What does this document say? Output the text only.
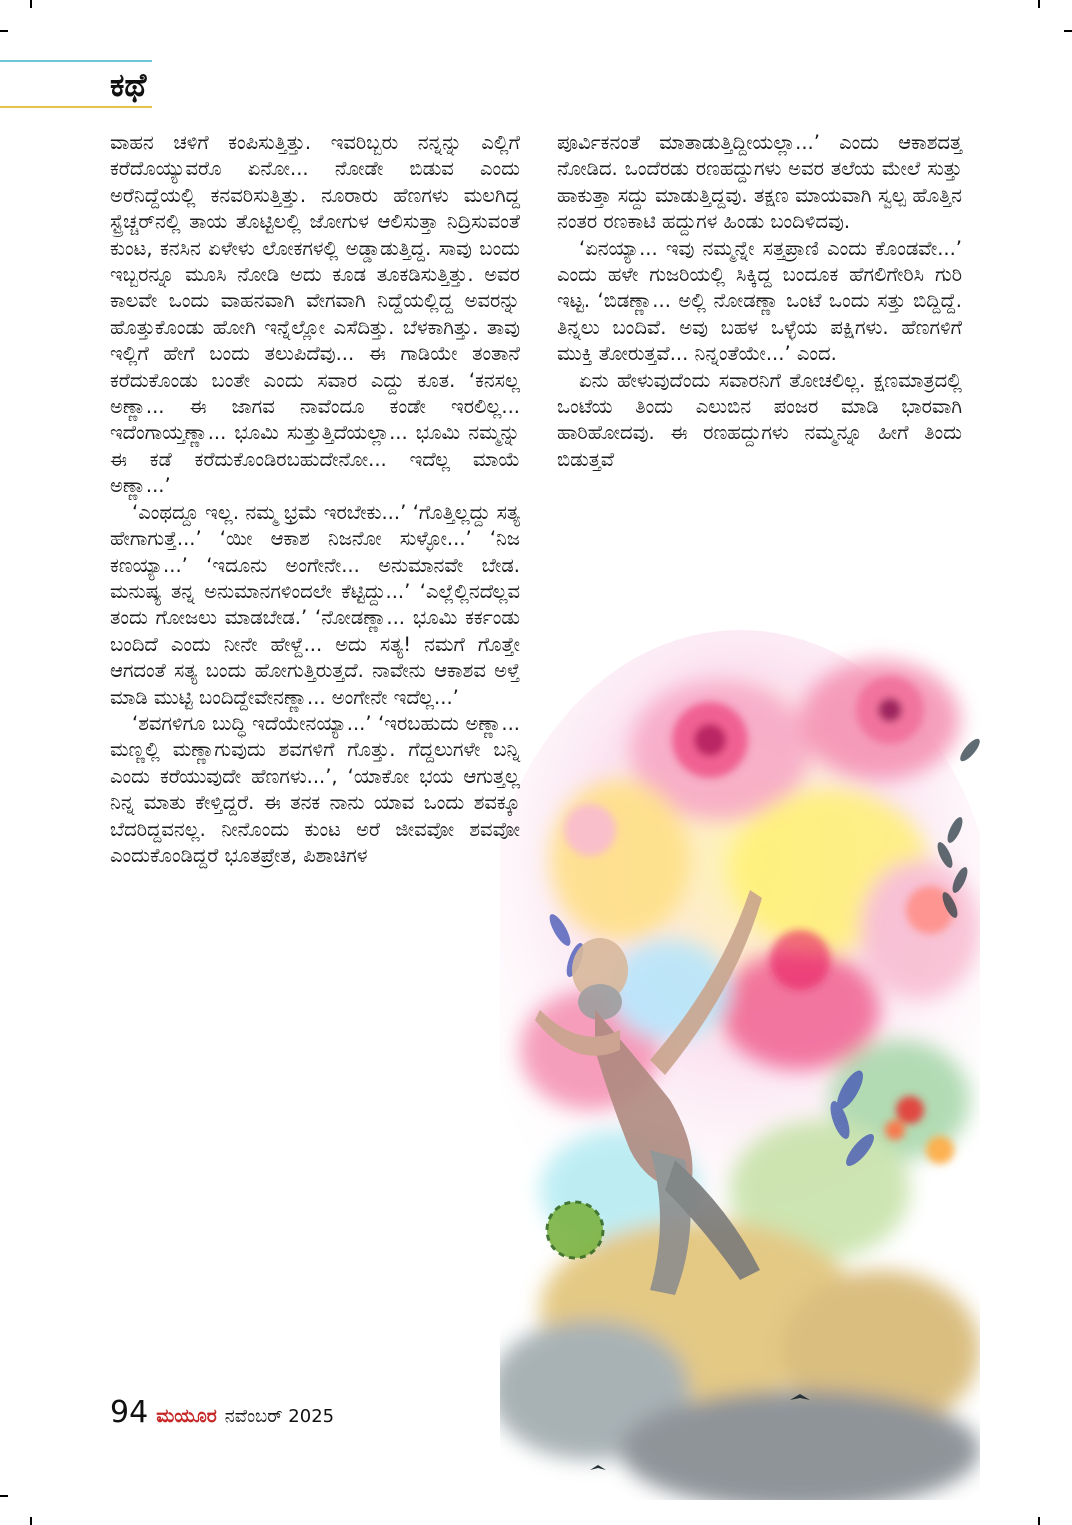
ಕಥೆ

ವಾಹನ ಚಳಿಗೆ ಕಂಪಿಸುತ್ತಿತ್ತು. ಇವರಿಬ್ಬರು ನನ್ನನ್ನು ಎಲ್ಲಿಗೆ ಕರೆದೊಯ್ಯುವರೊ ಏನೋ... ನೋಡೇ ಬಿಡುವ ಎಂದು ಅರೆನಿದ್ದೆಯಲ್ಲಿ ಕನವರಿಸುತ್ತಿತ್ತು. ನೂರಾರು ಹೆಣಗಳು ಮಲಗಿದ್ದ ಸ್ಟ್ರೆಚ್ಚರ್‌ನಲ್ಲಿ ತಾಯ ತೊಟ್ಟಿಲಲ್ಲಿ ಜೋಗುಳ ಆಲಿಸುತ್ತಾ ನಿದ್ರಿಸುವಂತೆ ಕುಂಟ, ಕನಸಿನ ಏಳೇಳು ಲೋಕಗಳಲ್ಲಿ ಅಡ್ಡಾಡುತ್ತಿದ್ದ. ಸಾವು ಬಂದು ಇಬ್ಬರನ್ನೂ ಮೂಸಿ ನೋಡಿ ಅದು ಕೂಡ ತೂಕಡಿಸುತ್ತಿತ್ತು. ಅವರ ಕಾಲವೇ ಒಂದು ವಾಹನವಾಗಿ ವೇಗವಾಗಿ ನಿದ್ದೆಯಲ್ಲಿದ್ದ ಅವರನ್ನು ಹೊತ್ತುಕೊಂಡು ಹೋಗಿ ಇನ್ನೆಲ್ಲೋ ಎಸೆದಿತ್ತು. ಬೆಳಕಾಗಿತ್ತು. ತಾವು ಇಲ್ಲಿಗೆ ಹೇಗೆ ಬಂದು ತಲುಪಿದೆವು... ಈ ಗಾಡಿಯೇ ತಂತಾನೆ ಕರೆದುಕೊಂಡು ಬಂತೇ ಎಂದು ಸವಾರ ಎದ್ದು ಕೂತ. ‘ಕನಸಲ್ಲ ಅಣ್ಣಾ... ಈ ಜಾಗವ ನಾವೆಂದೂ ಕಂಡೇ ಇರಲಿಲ್ಲ... ಇದೆಂಗಾಯ್ತಣ್ಣಾ... ಭೂಮಿ ಸುತ್ತುತ್ತಿದೆಯಲ್ಲಾ... ಭೂಮಿ ನಮ್ಮನ್ನು ಈ ಕಡೆ ಕರೆದುಕೊಂಡಿರಬಹುದೇನೋ... ಇದೆಲ್ಲ ಮಾಯೆ ಅಣ್ಣಾ...’

‘ಎಂಥದ್ದೂ ಇಲ್ಲ. ನಮ್ಮ ಭ್ರಮೆ ಇರಬೇಕು...’ ‘ಗೊತ್ತಿಲ್ಲದ್ದು ಸತ್ಯ ಹೇಗಾಗುತ್ತೆ...’ ‘ಯೀ ಆಕಾಶ ನಿಜನೋ ಸುಳ್ಳೋ...’ ‘ನಿಜ ಕಣಯ್ಯಾ...’ ‘ಇದೂನು ಅಂಗೇನೇ... ಅನುಮಾನವೇ ಬೇಡ. ಮನುಷ್ಯ ತನ್ನ ಅನುಮಾನಗಳಿಂದಲೇ ಕೆಟ್ಟಿದ್ದು...’ ‘ಎಲ್ಲೆಲ್ಲಿನದೆಲ್ಲವ ತಂದು ಗೋಜಲು ಮಾಡಬೇಡ.’ ‘ನೋಡಣ್ಣಾ... ಭೂಮಿ ಕರ್ಕಂಡು ಬಂದಿದೆ ಎಂದು ನೀನೇ ಹೇಳ್ದೆ... ಅದು ಸತ್ಯ! ನಮಗೆ ಗೊತ್ತೇ ಆಗದಂತೆ ಸತ್ಯ ಬಂದು ಹೋಗುತ್ತಿರುತ್ತದೆ. ನಾವೇನು ಆಕಾಶವ ಅಳ್ತೆ ಮಾಡಿ ಮುಟ್ಟಿ ಬಂದಿದ್ದೇವೇನಣ್ಣಾ... ಅಂಗೇನೇ ಇದೆಲ್ಲ...’

‘ಶವಗಳಿಗೂ ಬುದ್ಧಿ ಇದೆಯೇನಯ್ಯಾ...’ ‘ಇರಬಹುದು ಅಣ್ಣಾ... ಮಣ್ಣಲ್ಲಿ ಮಣ್ಣಾಗುವುದು ಶವಗಳಿಗೆ ಗೊತ್ತು. ಗೆದ್ದಲುಗಳೇ ಬನ್ನಿ ಎಂದು ಕರೆಯುವುದೇ ಹೆಣಗಳು...’, ‘ಯಾಕೋ ಭಯ ಆಗುತ್ತಲ್ಲ ನಿನ್ನ ಮಾತು ಕೇಳ್ತಿದ್ದರೆ. ಈ ತನಕ ನಾನು ಯಾವ ಒಂದು ಶವಕ್ಕೂ ಬೆದರಿದ್ದವನಲ್ಲ. ನೀನೊಂದು ಕುಂಟ ಅರೆ ಜೀವವೋ ಶವವೋ ಎಂದುಕೊಂಡಿದ್ದರೆ ಭೂತಪ್ರೇತ, ಪಿಶಾಚಿಗಳ

ಪೂರ್ವಿಕನಂತೆ ಮಾತಾಡುತ್ತಿದ್ದೀಯಲ್ಲಾ...’ ಎಂದು ಆಕಾಶದತ್ತ ನೋಡಿದ. ಒಂದೆರಡು ರಣಹದ್ದುಗಳು ಅವರ ತಲೆಯ ಮೇಲೆ ಸುತ್ತು ಹಾಕುತ್ತಾ ಸದ್ದು ಮಾಡುತ್ತಿದ್ದವು. ತಕ್ಷಣ ಮಾಯವಾಗಿ ಸ್ವಲ್ಪ ಹೊತ್ತಿನ ನಂತರ ರಣಕಾಟಿ ಹದ್ದುಗಳ ಹಿಂಡು ಬಂದಿಳಿದವು.

‘ಏನಯ್ಯಾ... ಇವು ನಮ್ಮನ್ನೇ ಸತ್ತಪ್ರಾಣಿ ಎಂದು ಕೊಂಡವೇ...’ ಎಂದು ಹಳೇ ಗುಜರಿಯಲ್ಲಿ ಸಿಕ್ಕಿದ್ದ ಬಂದೂಕ ಹೆಗಲಿಗೇರಿಸಿ ಗುರಿ ಇಟ್ಟ. ‘ಬಿಡಣ್ಣಾ... ಅಲ್ಲಿ ನೋಡಣ್ಣಾ ಒಂಟೆ ಒಂದು ಸತ್ತು ಬಿದ್ದಿದ್ದೆ. ತಿನ್ನಲು ಬಂದಿವೆ. ಅವು ಬಹಳ ಒಳ್ಳೆಯ ಪಕ್ಷಿಗಳು. ಹೆಣಗಳಿಗೆ ಮುಕ್ತಿ ತೋರುತ್ತವೆ... ನಿನ್ನಂತೆಯೇ...’ ಎಂದ.

ಏನು ಹೇಳುವುದೆಂದು ಸವಾರನಿಗೆ ತೋಚಲಿಲ್ಲ. ಕ್ಷಣಮಾತ್ರದಲ್ಲಿ ಒಂಟೆಯ ತಿಂದು ಎಲುಬಿನ ಪಂಜರ ಮಾಡಿ ಭಾರವಾಗಿ ಹಾರಿಹೋದವು. ಈ ರಣಹದ್ದುಗಳು ನಮ್ಮನ್ನೂ ಹೀಗೆ ತಿಂದು ಬಿಡುತ್ತವೆ

94 ಮಯೂರ ನವೆಂಬರ್ 2025
